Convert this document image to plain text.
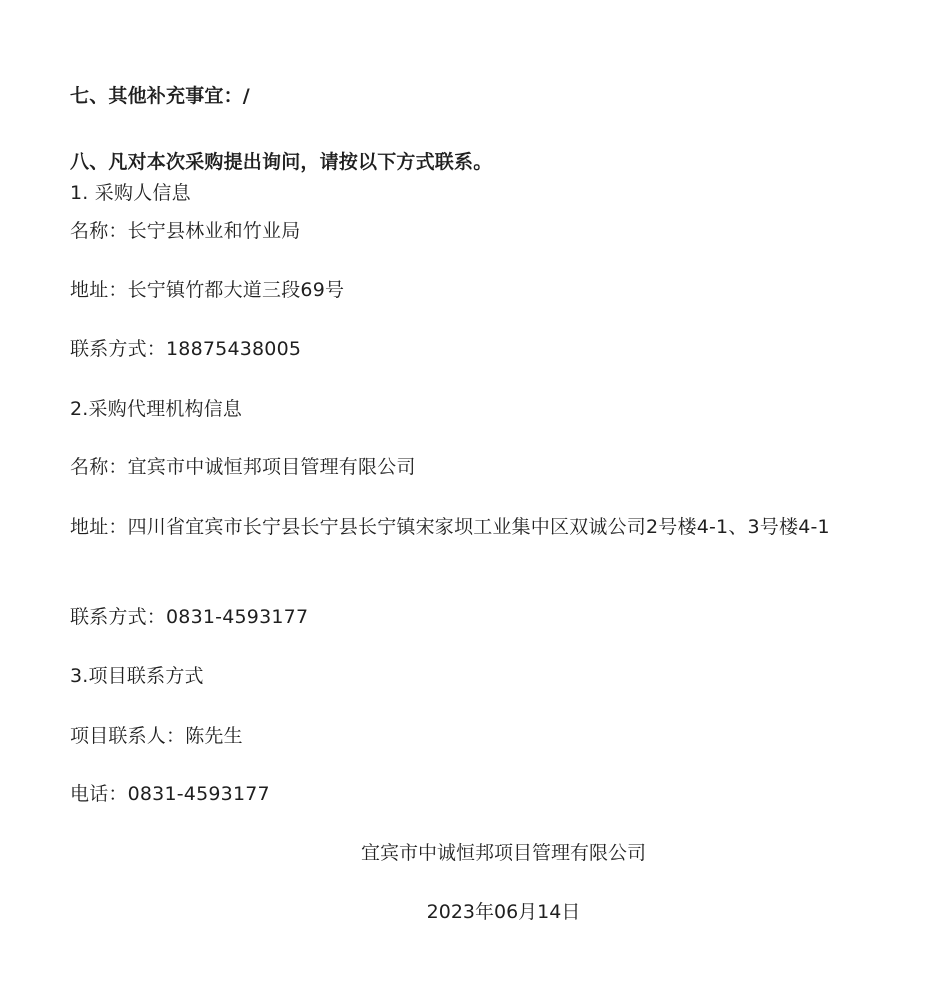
七、其他补充事宜：/
八、凡对本次采购提出询问，请按以下方式联系。
1. 采购人信息
名称：长宁县林业和竹业局
地址：长宁镇竹都大道三段69号
联系方式：18875438005
2.采购代理机构信息
名称：宜宾市中诚恒邦项目管理有限公司
地址：四川省宜宾市长宁县长宁县长宁镇宋家坝工业集中区双诚公司2号楼4-1、3号楼4-1
联系方式：0831-4593177
3.项目联系方式
项目联系人：陈先生
电话：0831-4593177
宜宾市中诚恒邦项目管理有限公司
2023年06月14日
